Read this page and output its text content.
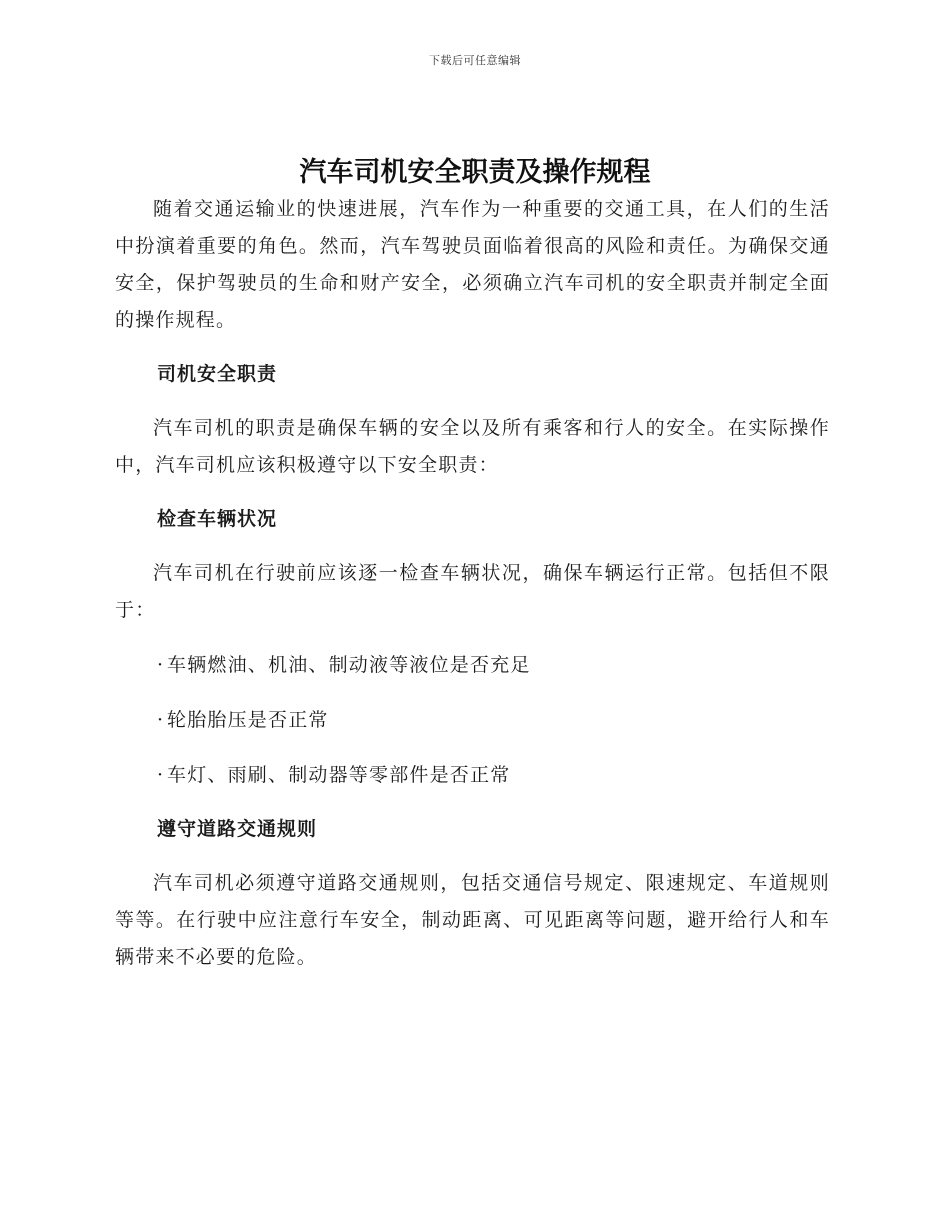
下载后可任意编辑
汽车司机安全职责及操作规程

随着交通运输业的快速进展，汽车作为一种重要的交通工具，在人们的生活中扮演着重要的角色。然而，汽车驾驶员面临着很高的风险和责任。为确保交通安全，保护驾驶员的生命和财产安全，必须确立汽车司机的安全职责并制定全面的操作规程。

司机安全职责

汽车司机的职责是确保车辆的安全以及所有乘客和行人的安全。在实际操作中，汽车司机应该积极遵守以下安全职责：

检查车辆状况

汽车司机在行驶前应该逐一检查车辆状况，确保车辆运行正常。包括但不限于：

· 车辆燃油、机油、制动液等液位是否充足

· 轮胎胎压是否正常

· 车灯、雨刷、制动器等零部件是否正常

遵守道路交通规则

汽车司机必须遵守道路交通规则，包括交通信号规定、限速规定、车道规则等等。在行驶中应注意行车安全，制动距离、可见距离等问题，避开给行人和车辆带来不必要的危险。
